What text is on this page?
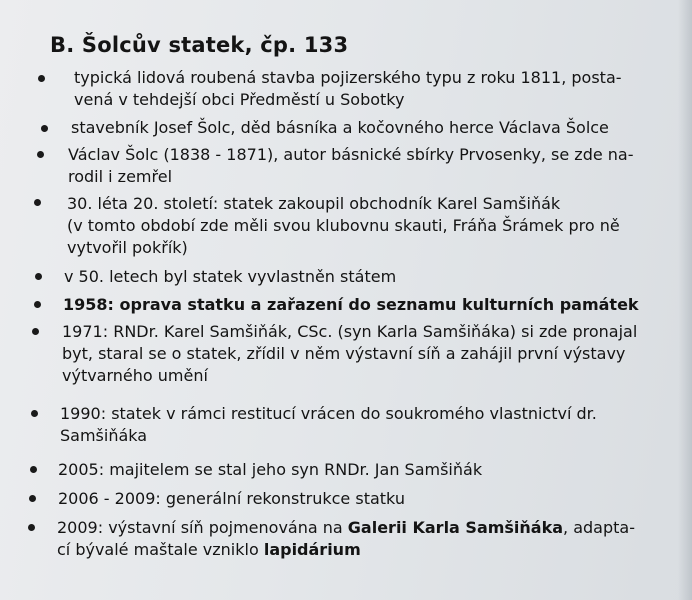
B. Šolcův statek, čp. 133
typická lidová roubená stavba pojizerského typu z roku 1811, posta-
vená v tehdejší obci Předměstí u Sobotky
stavebník Josef Šolc, děd básníka a kočovného herce Václava Šolce
Václav Šolc (1838 - 1871), autor básnické sbírky Prvosenky, se zde na-
rodil i zemřel
30. léta 20. století: statek zakoupil obchodník Karel Samšiňák
(v tomto období zde měli svou klubovnu skauti, Fráňa Šrámek pro ně
vytvořil pokřík)
v 50. letech byl statek vyvlastněn státem
1958: oprava statku a zařazení do seznamu kulturních památek
1971: RNDr. Karel Samšiňák, CSc. (syn Karla Samšiňáka) si zde pronajal
byt, staral se o statek, zřídil v něm výstavní síň a zahájil první výstavy
výtvarného umění
1990: statek v rámci restitucí vrácen do soukromého vlastnictví dr.
Samšiňáka
2005: majitelem se stal jeho syn RNDr. Jan Samšiňák
2006 - 2009: generální rekonstrukce statku
2009: výstavní síň pojmenována na Galerii Karla Samšiňáka, adapta-
cí bývalé maštale vzniklo lapidárium
